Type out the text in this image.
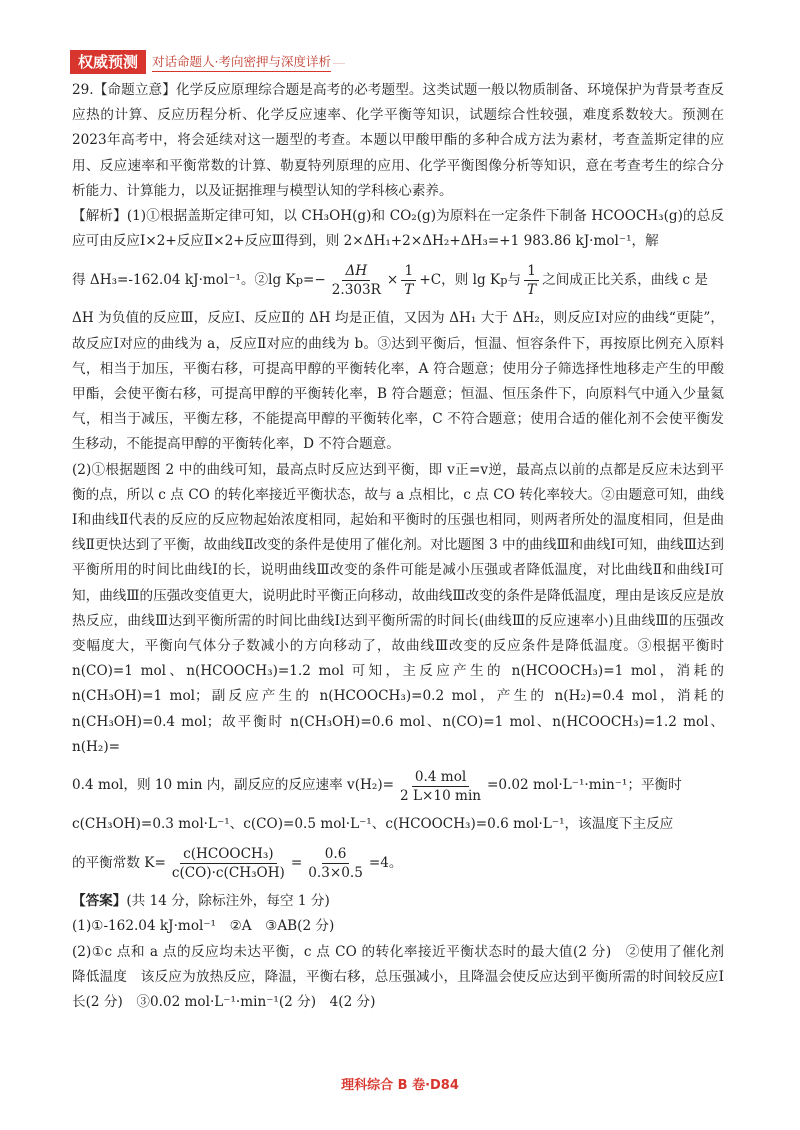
权威预测	对话命题人·考向密押与深度详析 ……

29.【命题立意】化学反应原理综合题是高考的必考题型。这类试题一般以物质制备、环境保护为背景考查反应热的计算、反应历程分析、化学反应速率、化学平衡等知识，试题综合性较强，难度系数较大。预测在2023年高考中，将会延续对这一题型的考查。本题以甲酸甲酯的多种合成方法为素材，考查盖斯定律的应用、反应速率和平衡常数的计算、勒夏特列原理的应用、化学平衡图像分析等知识，意在考查考生的综合分析能力、计算能力，以及证据推理与模型认知的学科核心素养。

【解析】(1)①根据盖斯定律可知，以 CH₃OH(g)和 CO₂(g)为原料在一定条件下制备 HCOOCH₃(g)的总反应可由反应Ⅰ×2+反应Ⅱ×2+反应Ⅲ得到，则 2×ΔH₁+2×ΔH₂+ΔH₃=+1 983.86 kJ·mol⁻¹，解

得 ΔH₃=-162.04 kJ·mol⁻¹。②lg K $p =- \frac{\Delta H}{2.303R} \times \frac{1}{T} +C$，则 lg K p 与 $\frac{1}{T}$ 之间成正比关系，曲线 c 是

ΔH 为负值的反应Ⅲ，反应Ⅰ、反应Ⅱ的 ΔH 均是正值，又因为 ΔH₁ 大于 ΔH₂，则反应Ⅰ对应的曲线“更陡”，故反应Ⅰ对应的曲线为 a，反应Ⅱ对应的曲线为 b。③达到平衡后，恒温、恒容条件下，再按原比例充入原料气，相当于加压，平衡右移，可提高甲醇的平衡转化率，A 符合题意；使用分子筛选择性地移走产生的甲酸甲酯，会使平衡右移，可提高甲醇的平衡转化率，B 符合题意；恒温、恒压条件下，向原料气中通入少量氦气，相当于减压，平衡左移，不能提高甲醇的平衡转化率，C 不符合题意；使用合适的催化剂不会使平衡发生移动，不能提高甲醇的平衡转化率，D 不符合题意。

(2)①根据题图 2 中的曲线可知，最高点时反应达到平衡，即 v正=v逆，最高点以前的点都是反应未达到平衡的点，所以 c 点 CO 的转化率接近平衡状态，故与 a 点相比，c 点 CO 转化率较大。②由题意可知，曲线Ⅰ和曲线Ⅱ代表的反应的反应物起始浓度相同，起始和平衡时的压强也相同，则两者所处的温度相同，但是曲线Ⅱ更快达到了平衡，故曲线Ⅱ改变的条件是使用了催化剂。对比题图 3 中的曲线Ⅲ和曲线Ⅰ可知，曲线Ⅲ达到平衡所用的时间比曲线Ⅰ的长，说明曲线Ⅲ改变的条件可能是减小压强或者降低温度，对比曲线Ⅱ和曲线Ⅰ可知，曲线Ⅲ的压强改变值更大，说明此时平衡正向移动，故曲线Ⅲ改变的条件是降低温度，理由是该反应是放热反应，曲线Ⅲ达到平衡所需的时间比曲线Ⅰ达到平衡所需的时间长(曲线Ⅲ的反应速率小)且曲线Ⅲ的压强改变幅度大，平衡向气体分子数减小的方向移动了，故曲线Ⅲ改变的反应条件是降低温度。③根据平衡时 n(CO)=1 mol、n(HCOOCH₃)=1.2 mol 可知，主反应产生的 n(HCOOCH₃)=1 mol，消耗的 n(CH₃OH)=1 mol；副反应产生的 n(HCOOCH₃)=0.2 mol，产生的 n(H₂)=0.4 mol，消耗的 n(CH₃OH)=0.4 mol；故平衡时 n(CH₃OH)=0.6 mol、n(CO)=1 mol、n(HCOOCH₃)=1.2 mol、n(H₂)=

0.4 mol，则 10 min 内，副反应的反应速率 $v(H_2)= \frac{\text{0.4 mol}}{2 L\times 10 \min} =0.02$ mol·L⁻¹·min⁻¹；平衡时

c(CH₃OH)=0.3 mol·L⁻¹、c(CO)=0.5 mol·L⁻¹、c(HCOOCH₃)=0.6 mol·L⁻¹，该温度下主反应

的平衡常数 $K= \frac{\text{c(HCOOCH₃)}}{\text{c(CO)·c(CH₃OH)}} = \frac{0.6}{0.3\times 0.5} =4$。

【答案】(共 14 分，除标注外，每空 1 分)

(1)①-162.04 kJ·mol⁻¹　②A　③AB(2 分)

(2)①c 点和 a 点的反应均未达平衡，c 点 CO 的转化率接近平衡状态时的最大值(2 分)　②使用了催化剂　降低温度　该反应为放热反应，降温，平衡右移，总压强减小，且降温会使反应达到平衡所需的时间较反应Ⅰ长(2 分)　③0.02 mol·L⁻¹·min⁻¹(2 分)　4(2 分)

理科综合 B 卷·D84
